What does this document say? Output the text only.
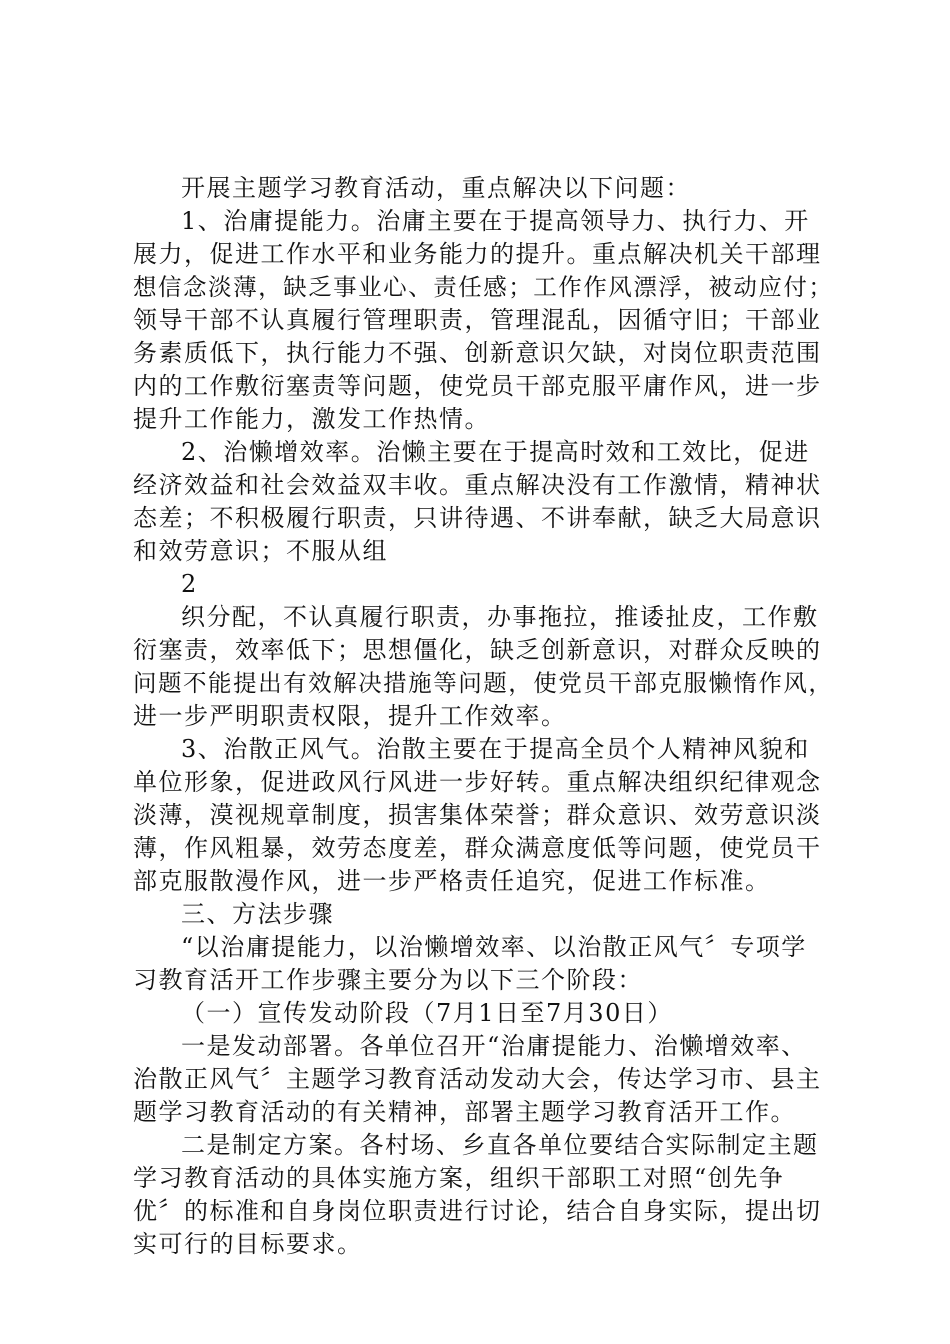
开展主题学习教育活动，重点解决以下问题：
1、治庸提能力。治庸主要在于提高领导力、执行力、开
展力，促进工作水平和业务能力的提升。重点解决机关干部理
想信念淡薄，缺乏事业心、责任感；工作作风漂浮，被动应付；
领导干部不认真履行管理职责，管理混乱，因循守旧；干部业
务素质低下，执行能力不强、创新意识欠缺，对岗位职责范围
内的工作敷衍塞责等问题，使党员干部克服平庸作风，进一步
提升工作能力，激发工作热情。
2、治懒增效率。治懒主要在于提高时效和工效比，促进
经济效益和社会效益双丰收。重点解决没有工作激情，精神状
态差；不积极履行职责，只讲待遇、不讲奉献，缺乏大局意识
和效劳意识；不服从组
2
织分配，不认真履行职责，办事拖拉，推诿扯皮，工作敷
衍塞责，效率低下；思想僵化，缺乏创新意识，对群众反映的
问题不能提出有效解决措施等问题，使党员干部克服懒惰作风，
进一步严明职责权限，提升工作效率。
3、治散正风气。治散主要在于提高全员个人精神风貌和
单位形象，促进政风行风进一步好转。重点解决组织纪律观念
淡薄，漠视规章制度，损害集体荣誉；群众意识、效劳意识淡
薄，作风粗暴，效劳态度差，群众满意度低等问题，使党员干
部克服散漫作风，进一步严格责任追究，促进工作标准。
三、方法步骤
“以治庸提能力，以治懒增效率、以治散正风气〞专项学
习教育活开工作步骤主要分为以下三个阶段：
（一）宣传发动阶段（7月1日至7月30日）
一是发动部署。各单位召开“治庸提能力、治懒增效率、
治散正风气〞主题学习教育活动发动大会，传达学习市、县主
题学习教育活动的有关精神，部署主题学习教育活开工作。
二是制定方案。各村场、乡直各单位要结合实际制定主题
学习教育活动的具体实施方案，组织干部职工对照“创先争
优〞的标准和自身岗位职责进行讨论，结合自身实际，提出切
实可行的目标要求。
